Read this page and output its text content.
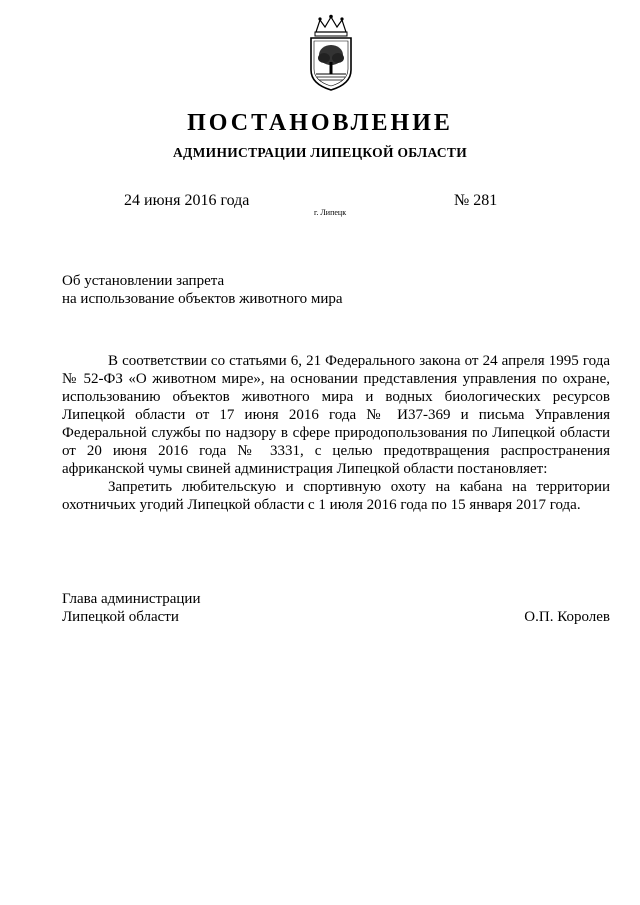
ПОСТАНОВЛЕНИЕ
АДМИНИСТРАЦИИ ЛИПЕЦКОЙ ОБЛАСТИ
24 июня 2016 года
г. Липецк
№ 281
Об установлении запрета
на использование объектов животного мира

В соответствии со статьями 6, 21 Федерального закона от 24 апреля 1995 года № 52-ФЗ «О животном мире», на основании представления управления по охране, использованию объектов животного мира и водных биологических ресурсов Липецкой области от 17 июня 2016 года № И37-369 и письма Управления Федеральной службы по надзору в сфере природопользования по Липецкой области от 20 июня 2016 года № 3331, с целью предотвращения распространения африканской чумы свиней администрация Липецкой области постановляет:

Запретить любительскую и спортивную охоту на кабана на территории охотничьих угодий Липецкой области с 1 июля 2016 года по 15 января 2017 года.

Глава администрации
Липецкой области	О.П. Королев
